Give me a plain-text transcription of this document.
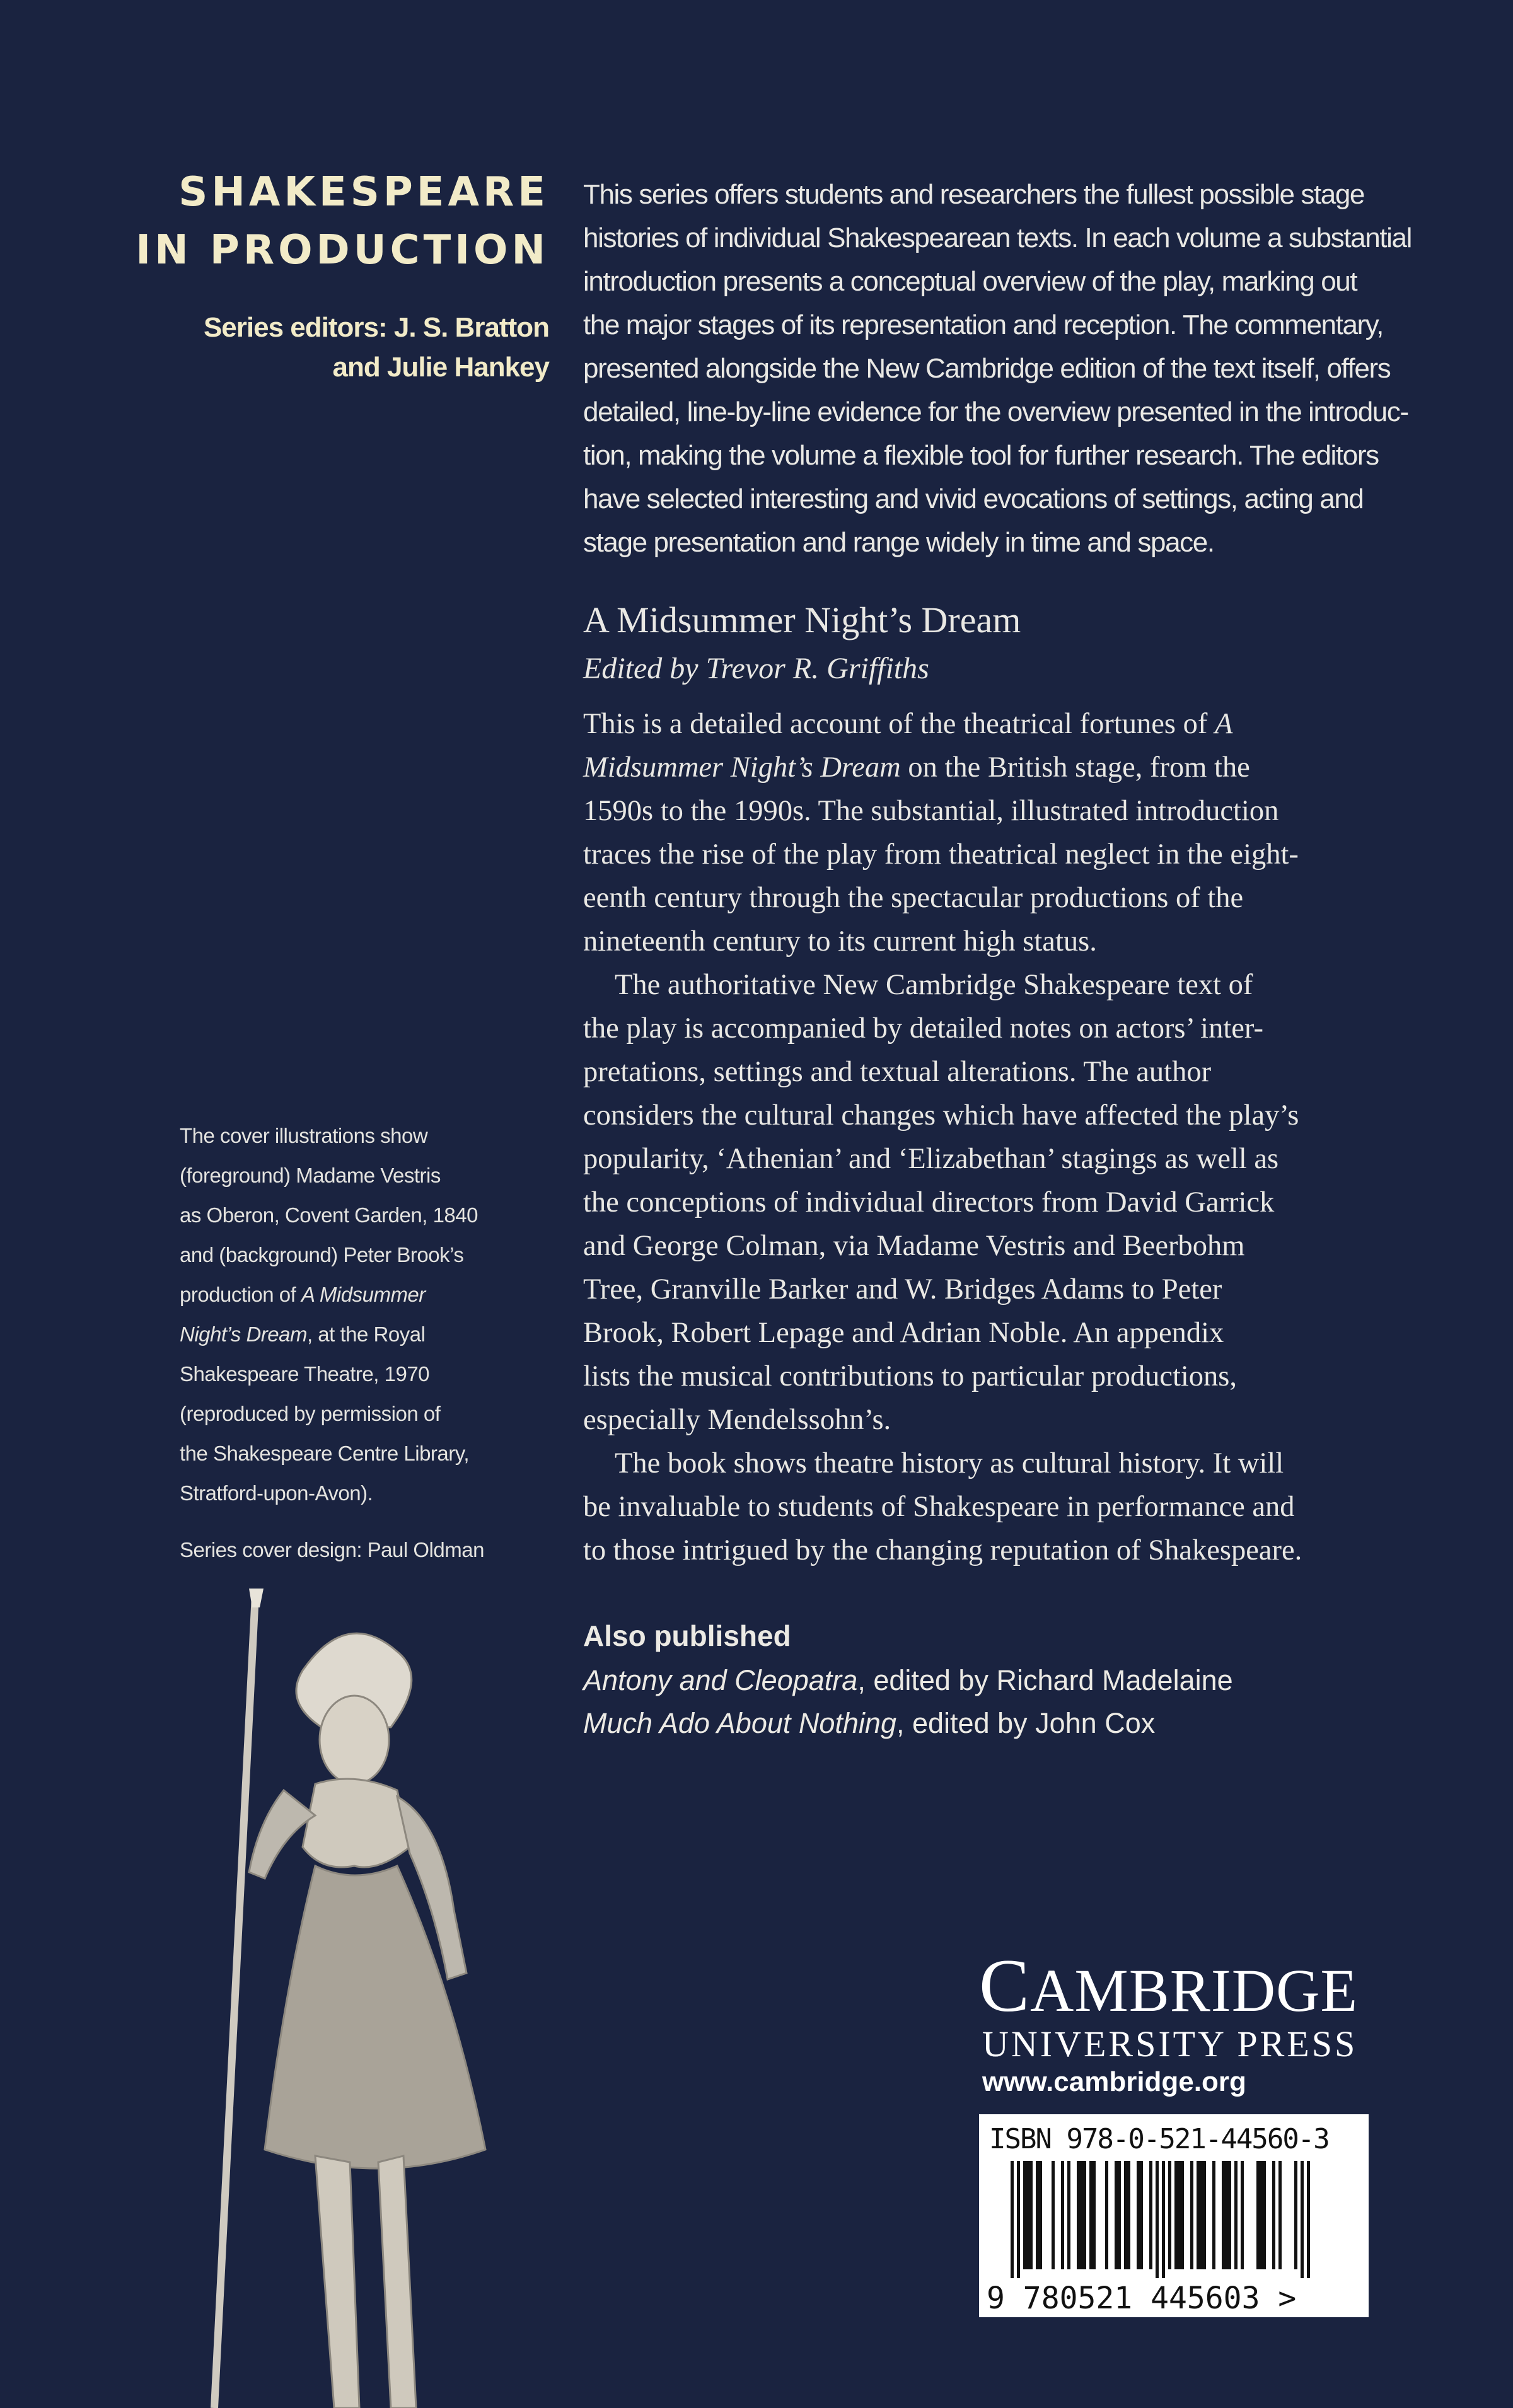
SHAKESPEARE
IN PRODUCTION
Series editors: J. S. Bratton
and Julie Hankey
This series offers students and researchers the fullest possible stage
histories of individual Shakespearean texts. In each volume a substantial
introduction presents a conceptual overview of the play, marking out
the major stages of its representation and reception. The commentary,
presented alongside the New Cambridge edition of the text itself, offers
detailed, line-by-line evidence for the overview presented in the introduc-
tion, making the volume a flexible tool for further research. The editors
have selected interesting and vivid evocations of settings, acting and
stage presentation and range widely in time and space.
A Midsummer Night’s Dream
Edited by Trevor R. Griffiths
This is a detailed account of the theatrical fortunes of A
Midsummer Night’s Dream on the British stage, from the
1590s to the 1990s. The substantial, illustrated introduction
traces the rise of the play from theatrical neglect in the eight-
eenth century through the spectacular productions of the
nineteenth century to its current high status.
The authoritative New Cambridge Shakespeare text of
the play is accompanied by detailed notes on actors’ inter-
pretations, settings and textual alterations. The author
considers the cultural changes which have affected the play’s
popularity, ‘Athenian’ and ‘Elizabethan’ stagings as well as
the conceptions of individual directors from David Garrick
and George Colman, via Madame Vestris and Beerbohm
Tree, Granville Barker and W. Bridges Adams to Peter
Brook, Robert Lepage and Adrian Noble. An appendix
lists the musical contributions to particular productions,
especially Mendelssohn’s.
The book shows theatre history as cultural history. It will
be invaluable to students of Shakespeare in performance and
to those intrigued by the changing reputation of Shakespeare.
The cover illustrations show
(foreground) Madame Vestris
as Oberon, Covent Garden, 1840
and (background) Peter Brook’s
production of A Midsummer
Night’s Dream, at the Royal
Shakespeare Theatre, 1970
(reproduced by permission of
the Shakespeare Centre Library,
Stratford-upon-Avon).
Series cover design: Paul Oldman
Also published
Antony and Cleopatra, edited by Richard Madelaine
Much Ado About Nothing, edited by John Cox
CAMBRIDGE
UNIVERSITY PRESS
www.cambridge.org
ISBN 978-0-521-44560-3
9 780521 445603 >
